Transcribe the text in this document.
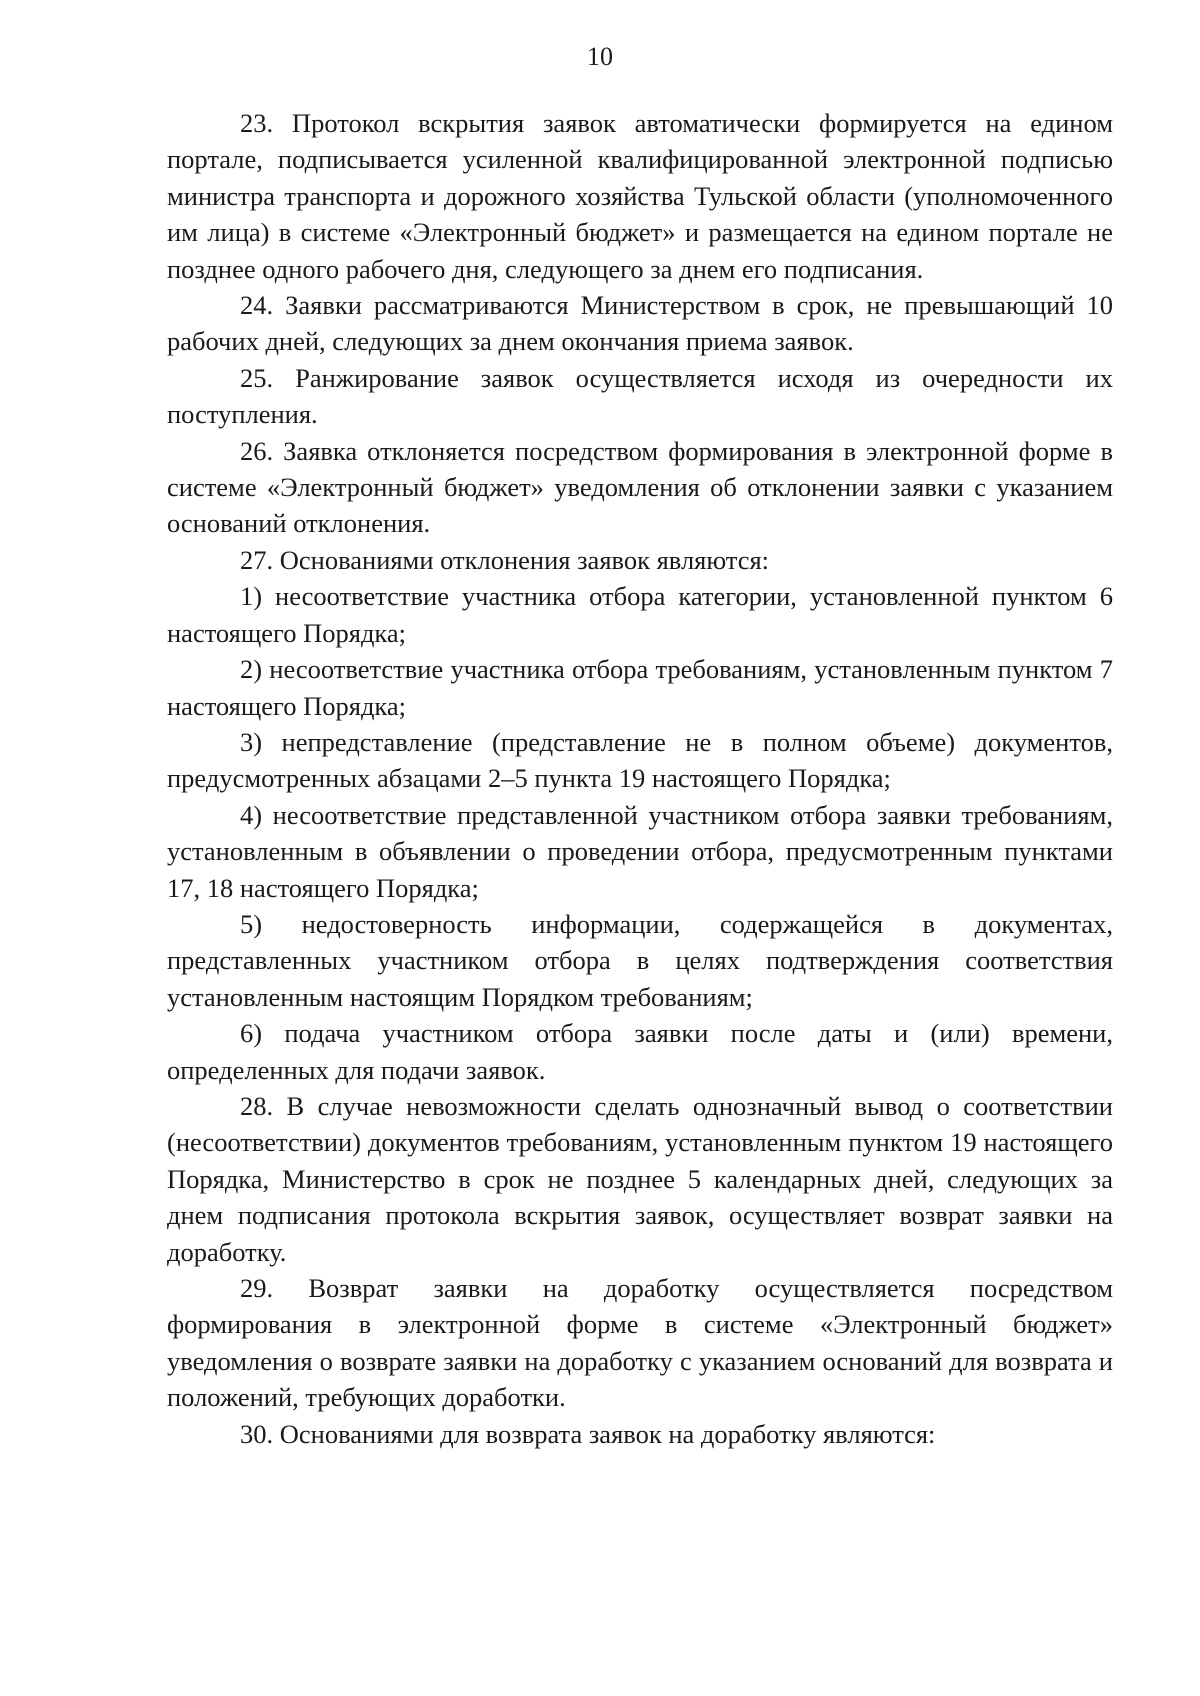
10

23. Протокол вскрытия заявок автоматически формируется на едином портале, подписывается усиленной квалифицированной электронной подписью министра транспорта и дорожного хозяйства Тульской области (уполномоченного им лица) в системе «Электронный бюджет» и размещается на едином портале не позднее одного рабочего дня, следующего за днем его подписания.

24. Заявки рассматриваются Министерством в срок, не превышающий 10 рабочих дней, следующих за днем окончания приема заявок.

25. Ранжирование заявок осуществляется исходя из очередности их поступления.

26. Заявка отклоняется посредством формирования в электронной форме в системе «Электронный бюджет» уведомления об отклонении заявки с указанием оснований отклонения.

27. Основаниями отклонения заявок являются:

1) несоответствие участника отбора категории, установленной пунктом 6 настоящего Порядка;

2) несоответствие участника отбора требованиям, установленным пунктом 7 настоящего Порядка;

3) непредставление (представление не в полном объеме) документов, предусмотренных абзацами 2–5 пункта 19 настоящего Порядка;

4) несоответствие представленной участником отбора заявки требованиям, установленным в объявлении о проведении отбора, предусмотренным пунктами 17, 18 настоящего Порядка;

5) недостоверность информации, содержащейся в документах, представленных участником отбора в целях подтверждения соответствия установленным настоящим Порядком требованиям;

6) подача участником отбора заявки после даты и (или) времени, определенных для подачи заявок.

28. В случае невозможности сделать однозначный вывод о соответствии (несоответствии) документов требованиям, установленным пунктом 19 настоящего Порядка, Министерство в срок не позднее 5 календарных дней, следующих за днем подписания протокола вскрытия заявок, осуществляет возврат заявки на доработку.

29. Возврат заявки на доработку осуществляется посредством формирования в электронной форме в системе «Электронный бюджет» уведомления о возврате заявки на доработку с указанием оснований для возврата и положений, требующих доработки.

30. Основаниями для возврата заявок на доработку являются:
